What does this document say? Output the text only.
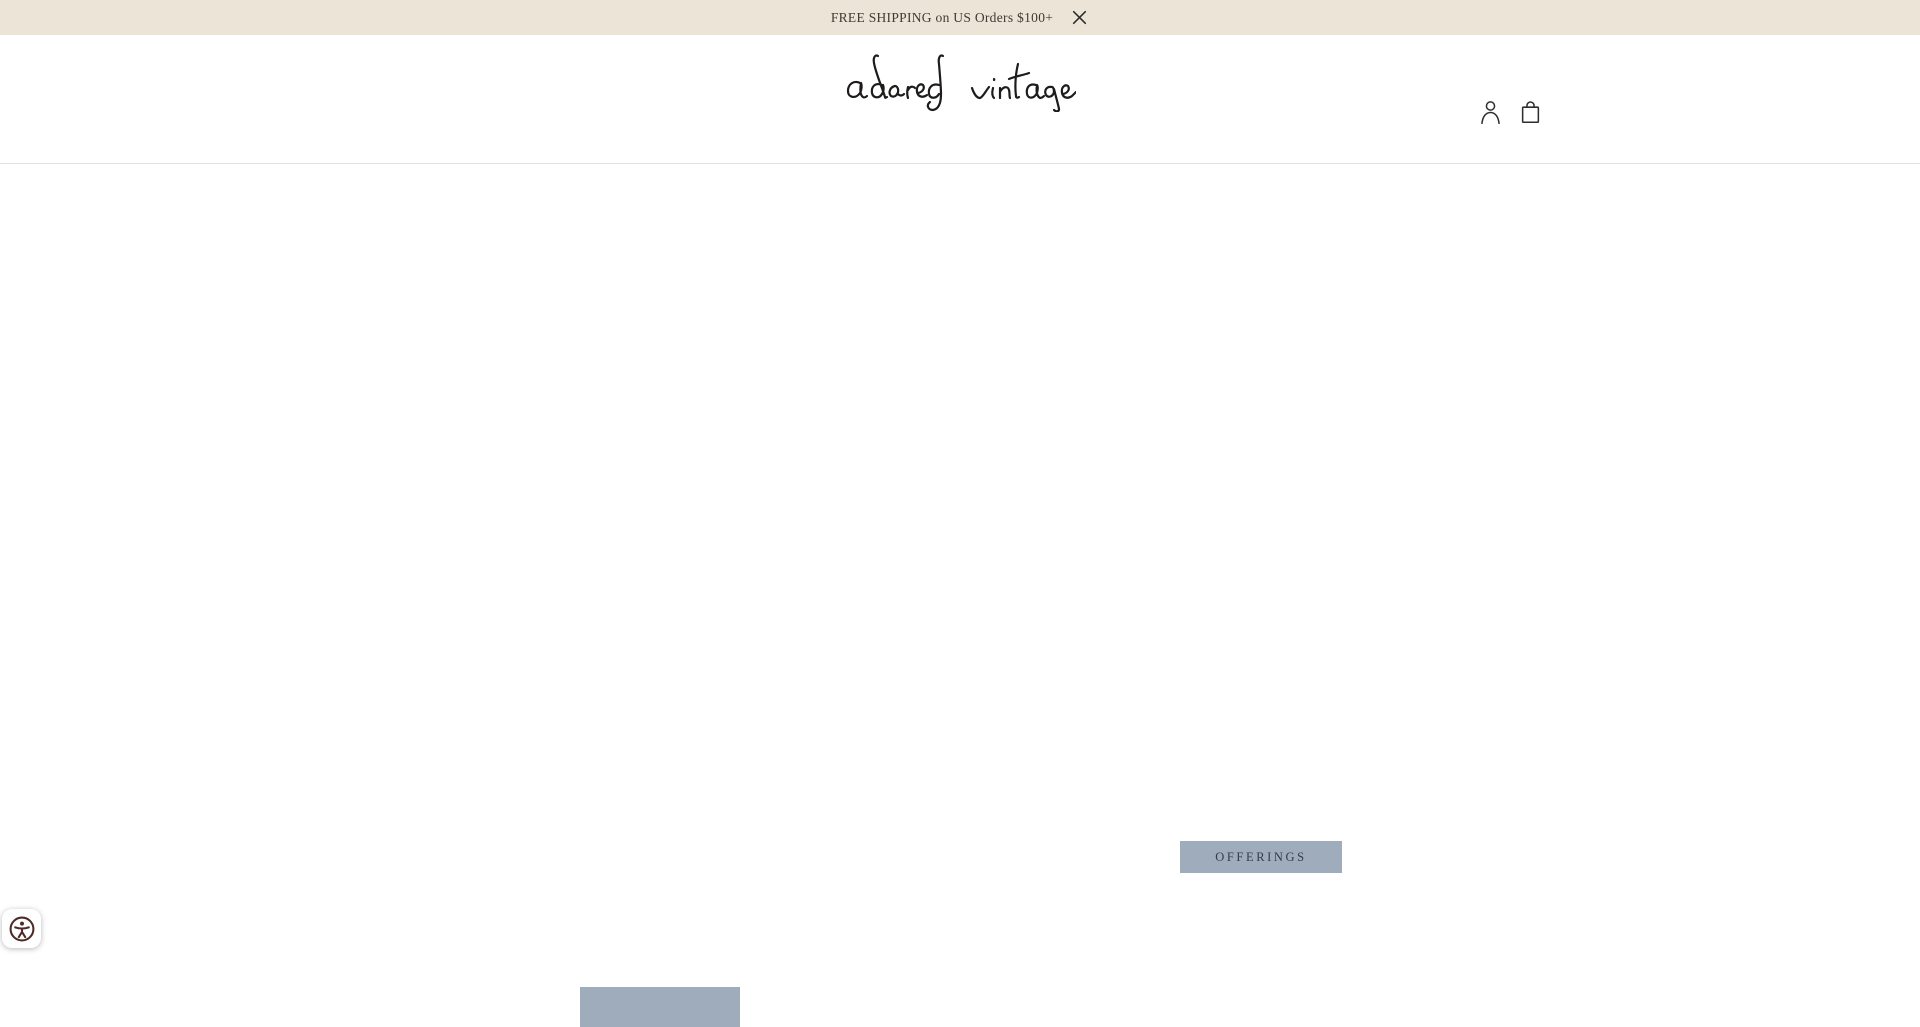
FREE SHIPPING on US Orders $100+
OFFERINGS
